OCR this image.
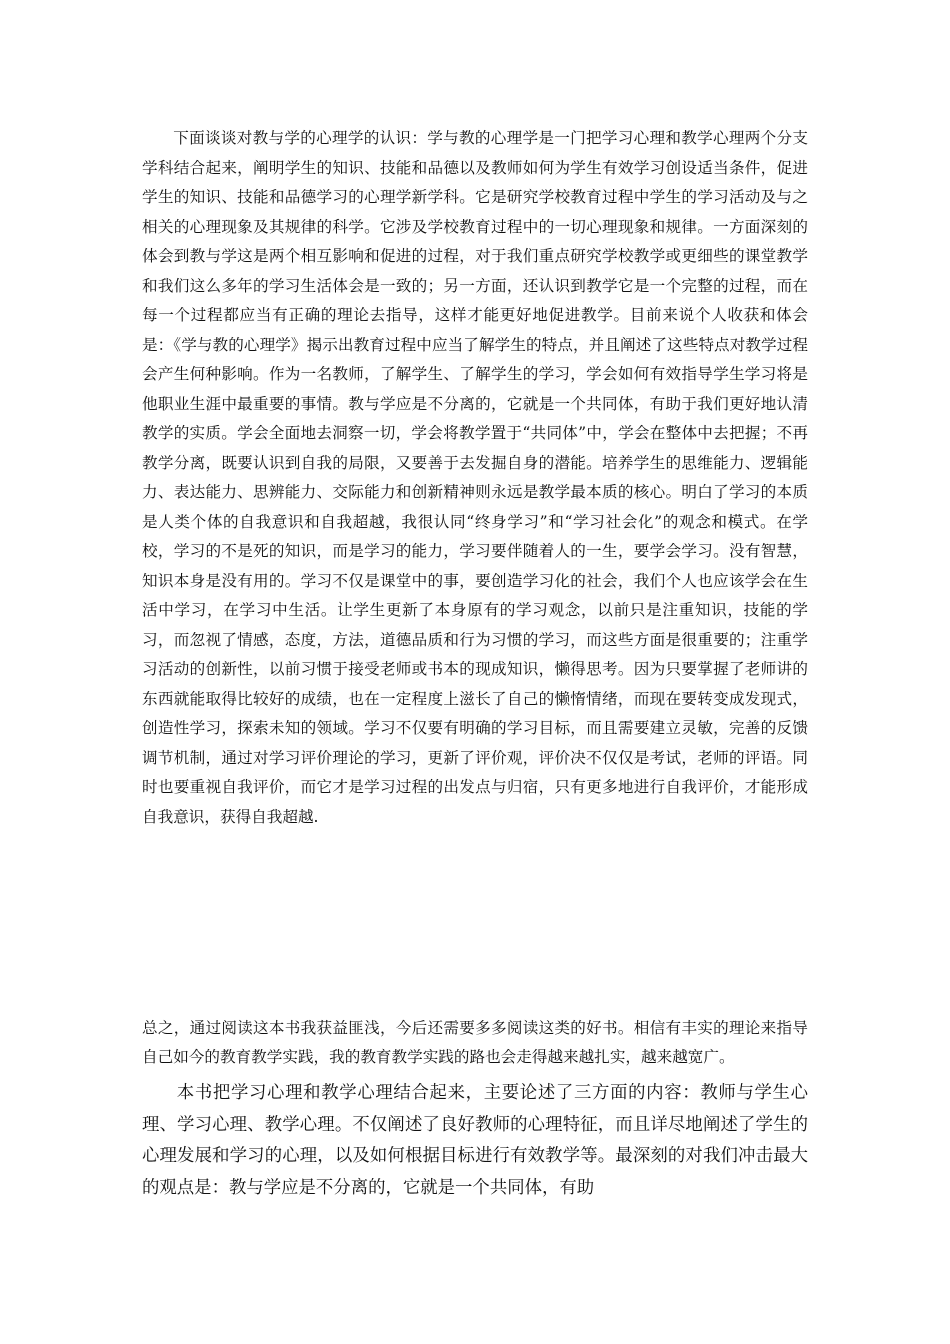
下面谈谈对教与学的心理学的认识：学与教的心理学是一门把学习心理和教学心理两个分支学科结合起来，阐明学生的知识、技能和品德以及教师如何为学生有效学习创设适当条件，促进学生的知识、技能和品德学习的心理学新学科。它是研究学校教育过程中学生的学习活动及与之相关的心理现象及其规律的科学。它涉及学校教育过程中的一切心理现象和规律。一方面深刻的体会到教与学这是两个相互影响和促进的过程，对于我们重点研究学校教学或更细些的课堂教学和我们这么多年的学习生活体会是一致的；另一方面，还认识到教学它是一个完整的过程，而在每一个过程都应当有正确的理论去指导，这样才能更好地促进教学。目前来说个人收获和体会是：《学与教的心理学》揭示出教育过程中应当了解学生的特点，并且阐述了这些特点对教学过程会产生何种影响。作为一名教师，了解学生、了解学生的学习，学会如何有效指导学生学习将是他职业生涯中最重要的事情。教与学应是不分离的，它就是一个共同体，有助于我们更好地认清教学的实质。学会全面地去洞察一切，学会将教学置于“共同体”中，学会在整体中去把握；不再教学分离，既要认识到自我的局限，又要善于去发掘自身的潜能。培养学生的思维能力、逻辑能力、表达能力、思辨能力、交际能力和创新精神则永远是教学最本质的核心。明白了学习的本质是人类个体的自我意识和自我超越，我很认同“终身学习”和“学习社会化”的观念和模式。在学校，学习的不是死的知识，而是学习的能力，学习要伴随着人的一生，要学会学习。没有智慧，知识本身是没有用的。学习不仅是课堂中的事，要创造学习化的社会，我们个人也应该学会在生活中学习，在学习中生活。让学生更新了本身原有的学习观念，以前只是注重知识，技能的学习，而忽视了情感，态度，方法，道德品质和行为习惯的学习，而这些方面是很重要的；注重学习活动的创新性，以前习惯于接受老师或书本的现成知识，懒得思考。因为只要掌握了老师讲的东西就能取得比较好的成绩，也在一定程度上滋长了自己的懒惰情绪，而现在要转变成发现式，创造性学习，探索未知的领域。学习不仅要有明确的学习目标，而且需要建立灵敏，完善的反馈调节机制，通过对学习评价理论的学习，更新了评价观，评价决不仅仅是考试，老师的评语。同时也要重视自我评价，而它才是学习过程的出发点与归宿，只有更多地进行自我评价，才能形成自我意识，获得自我超越.

总之，通过阅读这本书我获益匪浅，今后还需要多多阅读这类的好书。相信有丰实的理论来指导自己如今的教育教学实践，我的教育教学实践的路也会走得越来越扎实，越来越宽广。

本书把学习心理和教学心理结合起来，主要论述了三方面的内容：教师与学生心理、学习心理、教学心理。不仅阐述了良好教师的心理特征，而且详尽地阐述了学生的心理发展和学习的心理，以及如何根据目标进行有效教学等。最深刻的对我们冲击最大的观点是：教与学应是不分离的，它就是一个共同体，有助
